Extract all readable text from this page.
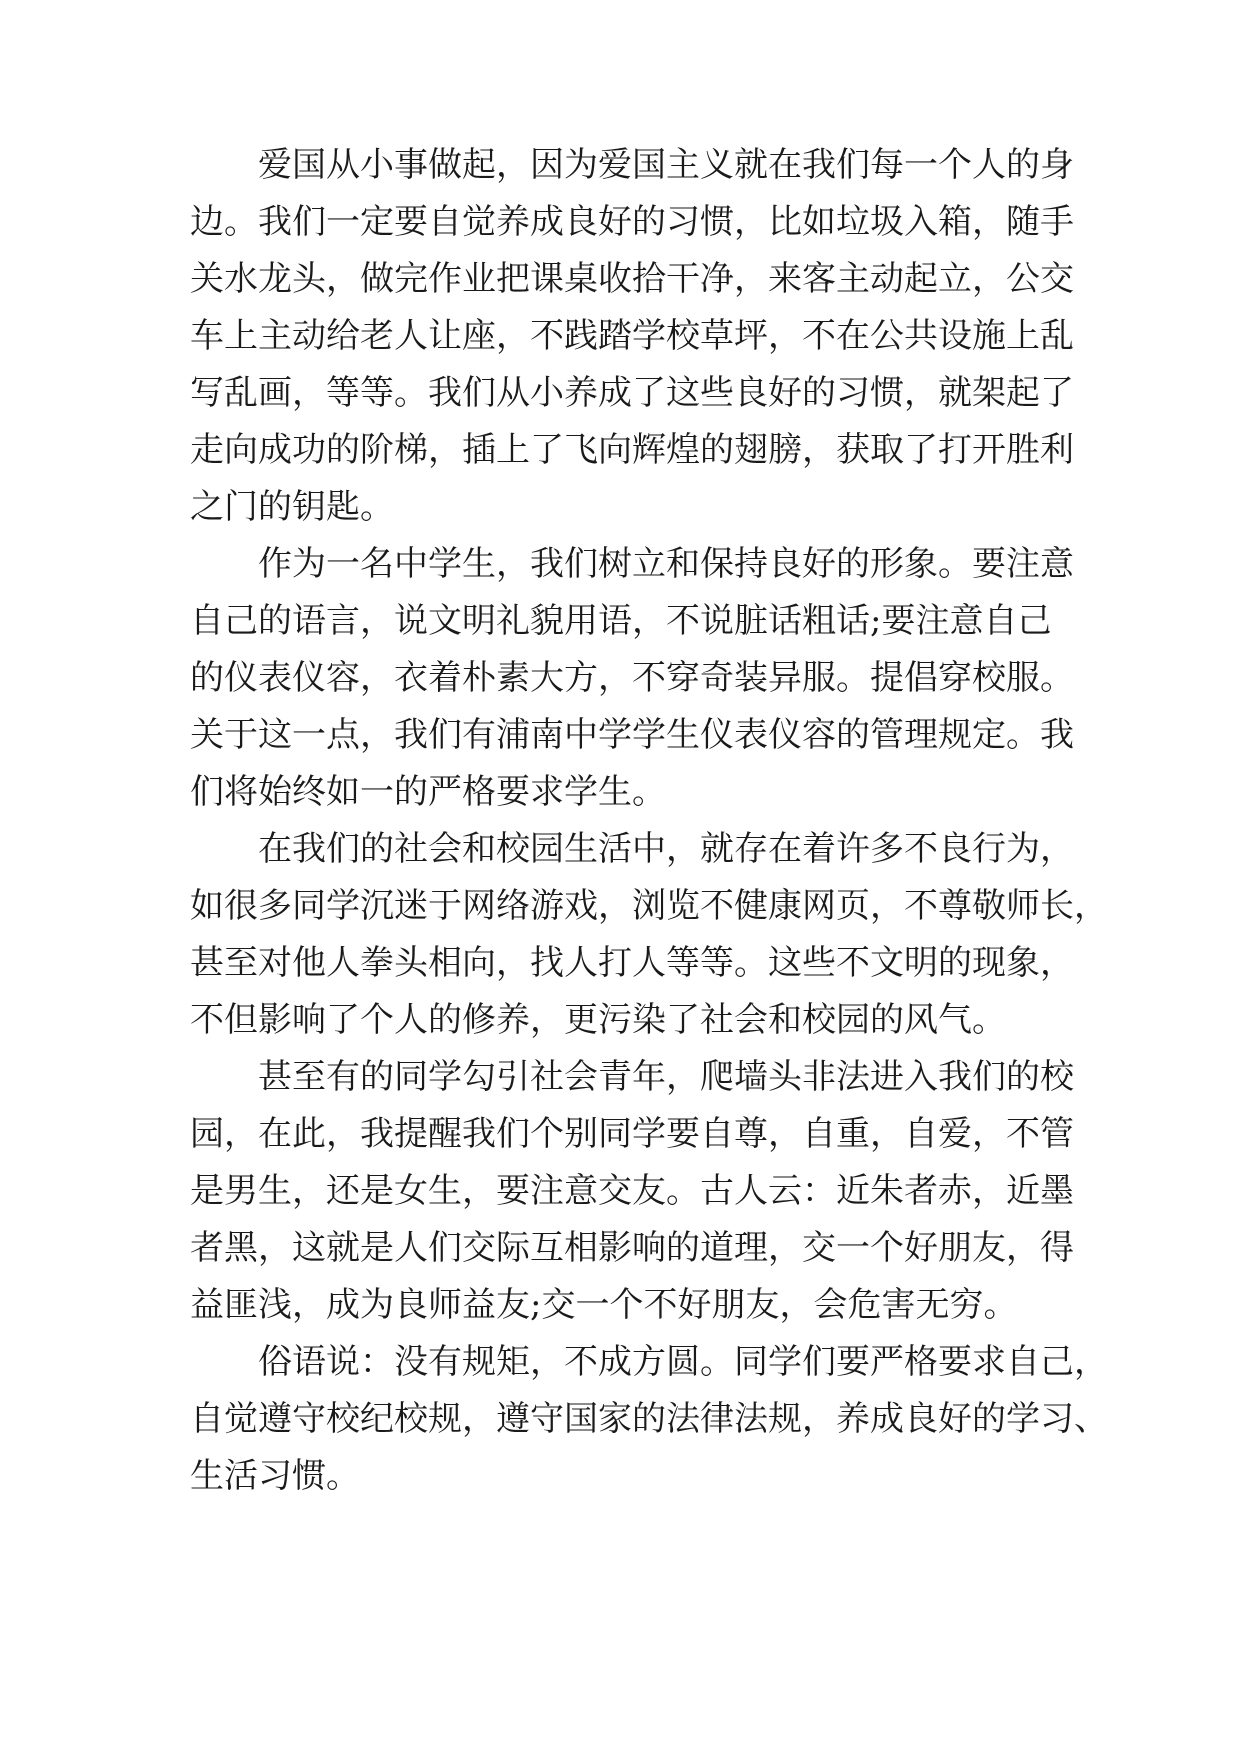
爱国从小事做起，因为爱国主义就在我们每一个人的身

边。我们一定要自觉养成良好的习惯，比如垃圾入箱，随手

关水龙头，做完作业把课桌收拾干净，来客主动起立，公交

车上主动给老人让座，不践踏学校草坪，不在公共设施上乱

写乱画，等等。我们从小养成了这些良好的习惯，就架起了

走向成功的阶梯，插上了飞向辉煌的翅膀，获取了打开胜利

之门的钥匙。

作为一名中学生，我们树立和保持良好的形象。要注意

自己的语言，说文明礼貌用语，不说脏话粗话;要注意自己

的仪表仪容，衣着朴素大方，不穿奇装异服。提倡穿校服。

关于这一点，我们有浦南中学学生仪表仪容的管理规定。我

们将始终如一的严格要求学生。

在我们的社会和校园生活中，就存在着许多不良行为，

如很多同学沉迷于网络游戏，浏览不健康网页，不尊敬师长，

甚至对他人拳头相向，找人打人等等。这些不文明的现象，

不但影响了个人的修养，更污染了社会和校园的风气。

甚至有的同学勾引社会青年，爬墙头非法进入我们的校

园，在此，我提醒我们个别同学要自尊，自重，自爱，不管

是男生，还是女生，要注意交友。古人云：近朱者赤，近墨

者黑，这就是人们交际互相影响的道理，交一个好朋友，得

益匪浅，成为良师益友;交一个不好朋友，会危害无穷。

俗语说：没有规矩，不成方圆。同学们要严格要求自己，

自觉遵守校纪校规，遵守国家的法律法规，养成良好的学习、

生活习惯。
